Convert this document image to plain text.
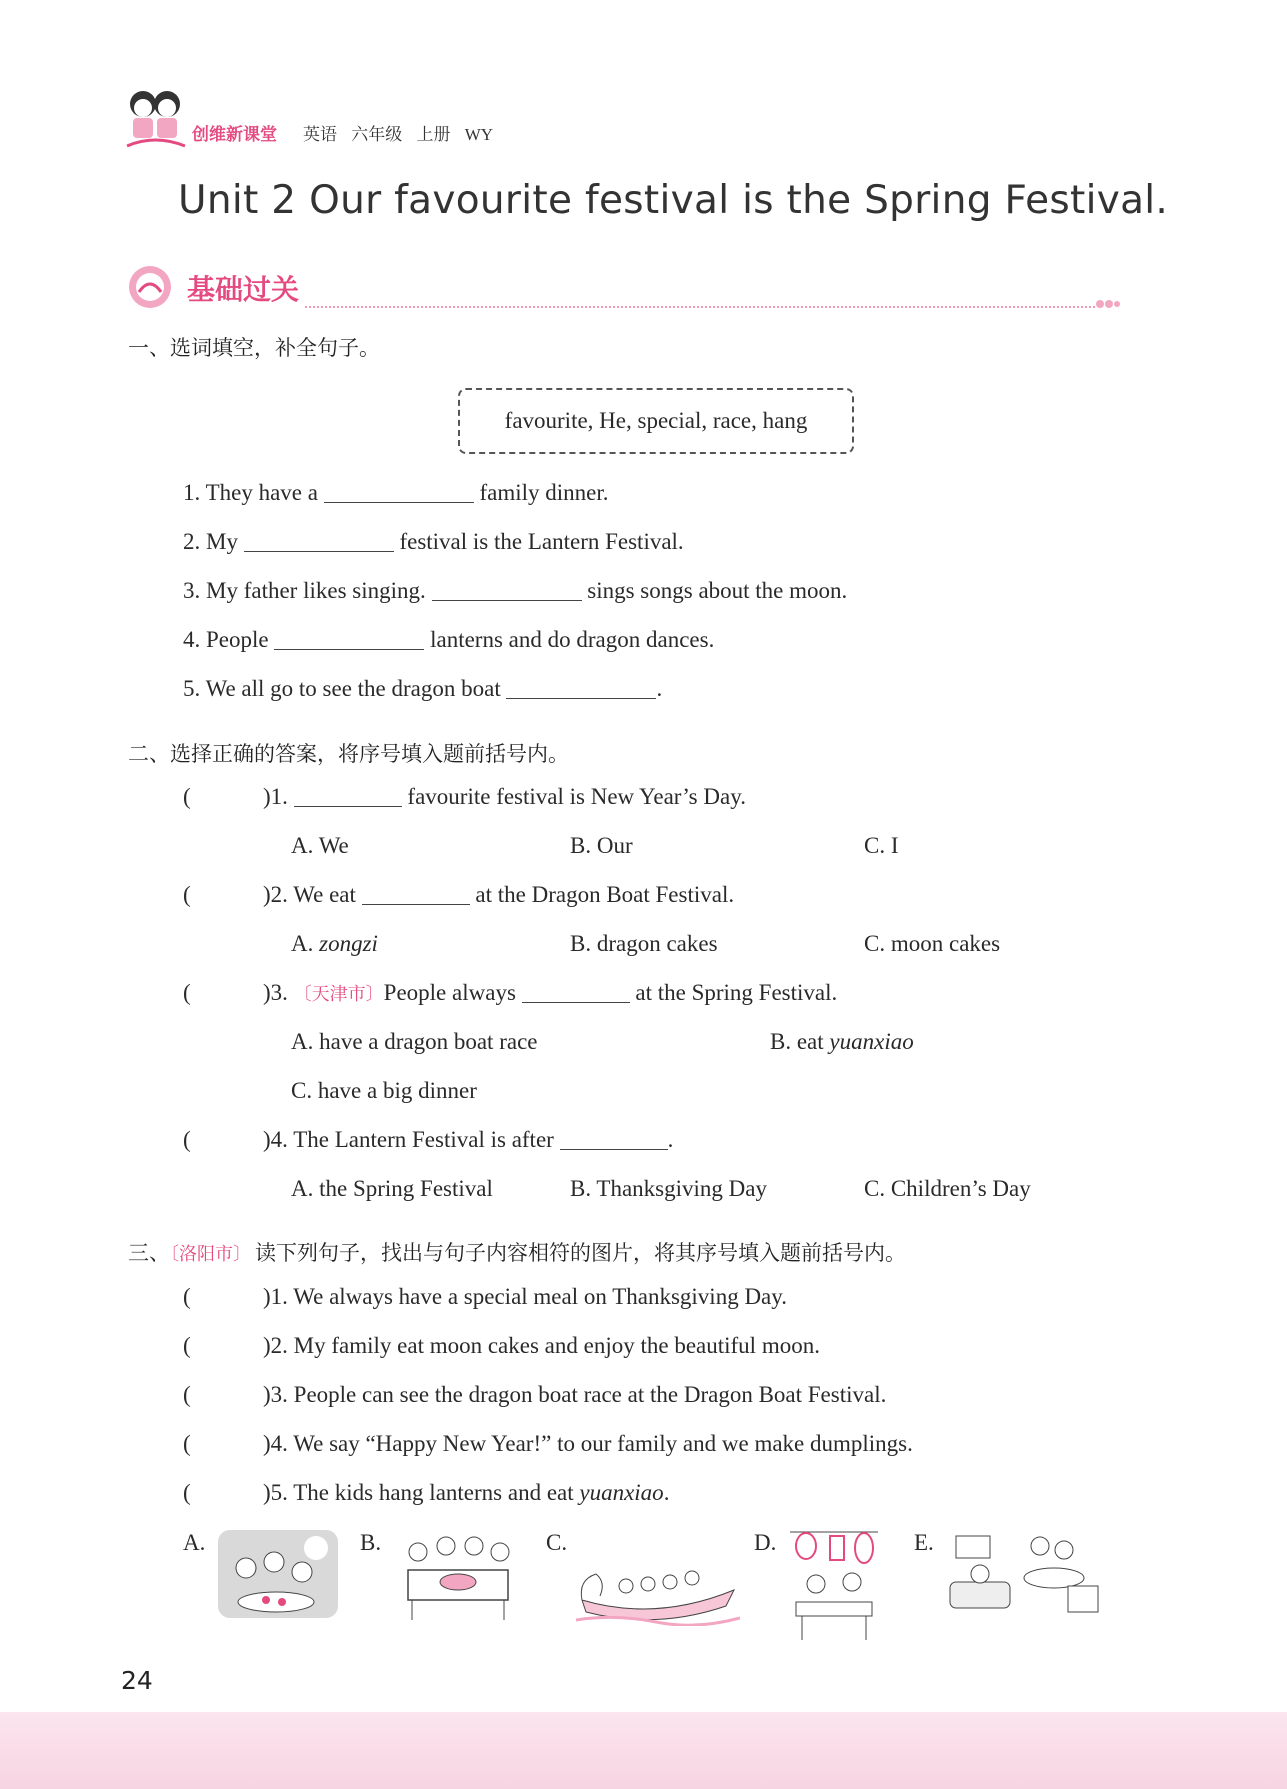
创维新课堂 英语 六年级 上册 WY
Unit 2 Our favourite festival is the Spring Festival.
基础过关
一、选词填空，补全句子。
favourite, He, special, race, hang
1. They have a	family dinner.
2. My	festival is the Lantern Festival.
3. My father likes singing.	sings songs about the moon.
4. People	lanterns and do dragon dances.
5. We all go to see the dragon boat	.
二、选择正确的答案，将序号填入题前括号内。
(	)1.	favourite festival is New Year’s Day.
A. We	B. Our	C. I
(	)2. We eat	at the Dragon Boat Festival.
A. zongzi	B. dragon cakes	C. moon cakes
(	)3. 〔天津市〕People always	at the Spring Festival.
A. have a dragon boat race	B. eat yuanxiao
C. have a big dinner
(	)4. The Lantern Festival is after	.
A. the Spring Festival	B. Thanksgiving Day	C. Children’s Day
三、〔洛阳市〕 读下列句子，找出与句子内容相符的图片，将其序号填入题前括号内。
(	)1. We always have a special meal on Thanksgiving Day.
(	)2. My family eat moon cakes and enjoy the beautiful moon.
(	)3. People can see the dragon boat race at the Dragon Boat Festival.
(	)4. We say “Happy New Year!” to our family and we make dumplings.
(	)5. The kids hang lanterns and eat yuanxiao.
A.	B.	C.	D.	E.
24
